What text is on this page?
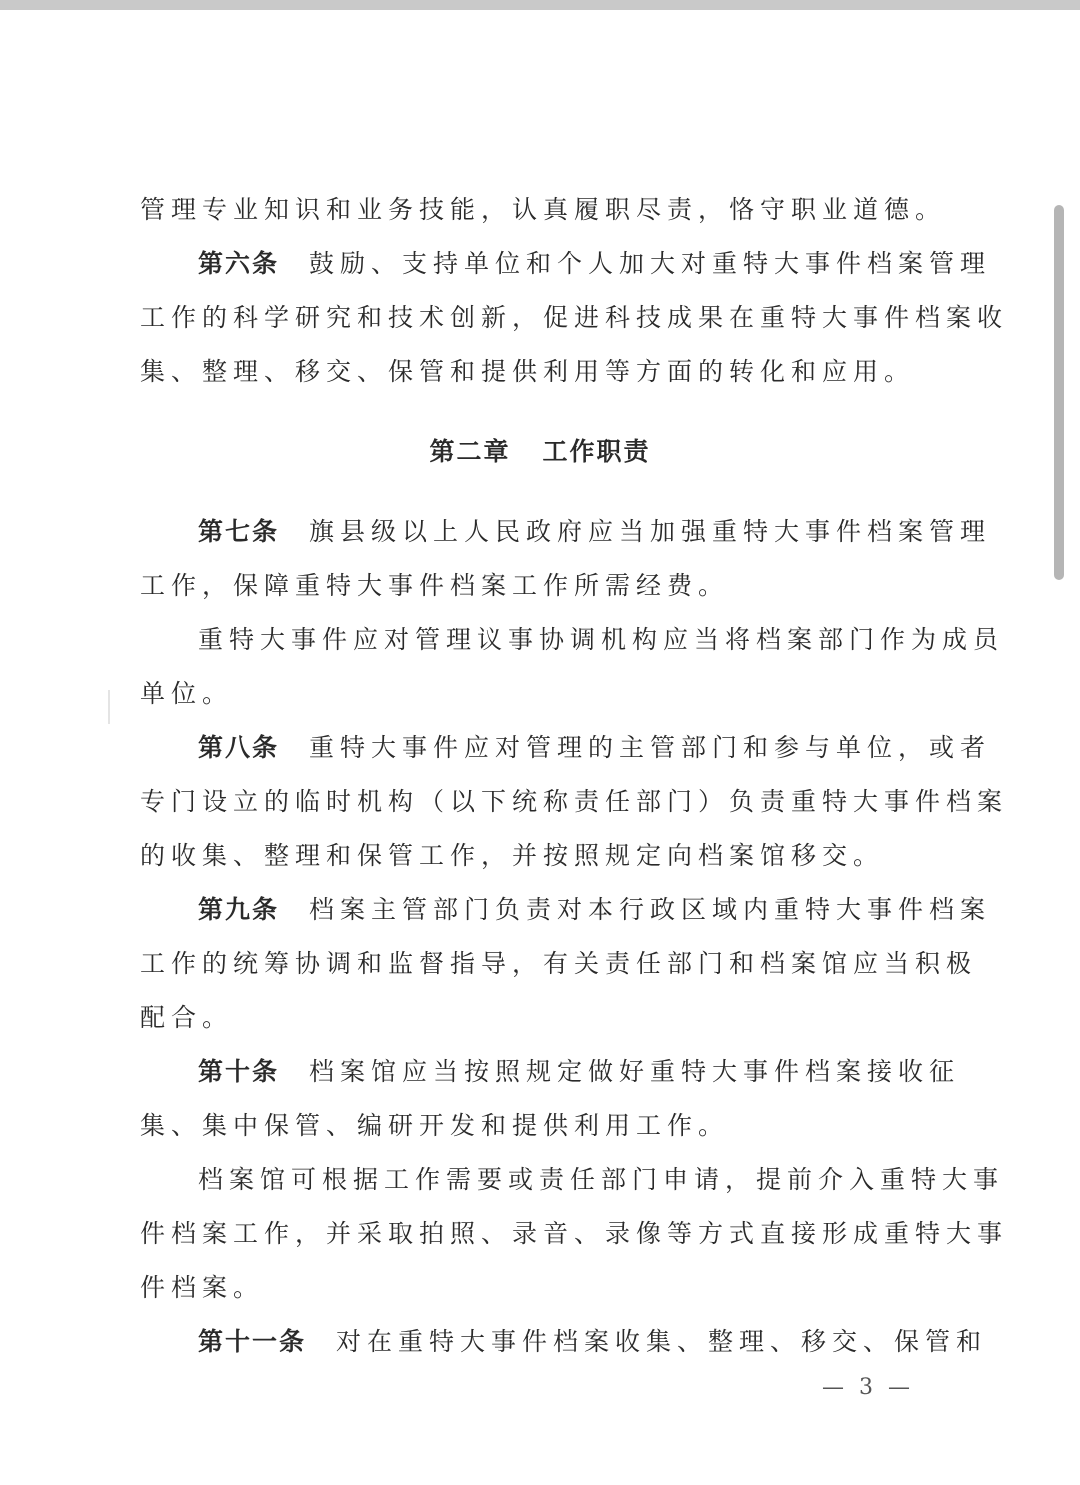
管理专业知识和业务技能，认真履职尽责，恪守职业道德。
第六条 鼓励、支持单位和个人加大对重特大事件档案管理
工作的科学研究和技术创新，促进科技成果在重特大事件档案收
集、整理、移交、保管和提供利用等方面的转化和应用。
第二章 工作职责
第七条 旗县级以上人民政府应当加强重特大事件档案管理
工作，保障重特大事件档案工作所需经费。
重特大事件应对管理议事协调机构应当将档案部门作为成员
单位。
第八条 重特大事件应对管理的主管部门和参与单位，或者
专门设立的临时机构（以下统称责任部门）负责重特大事件档案
的收集、整理和保管工作，并按照规定向档案馆移交。
第九条 档案主管部门负责对本行政区域内重特大事件档案
工作的统筹协调和监督指导，有关责任部门和档案馆应当积极
配合。
第十条 档案馆应当按照规定做好重特大事件档案接收征
集、集中保管、编研开发和提供利用工作。
档案馆可根据工作需要或责任部门申请，提前介入重特大事
件档案工作，并采取拍照、录音、录像等方式直接形成重特大事
件档案。
第十一条 对在重特大事件档案收集、整理、移交、保管和
— 3 —
